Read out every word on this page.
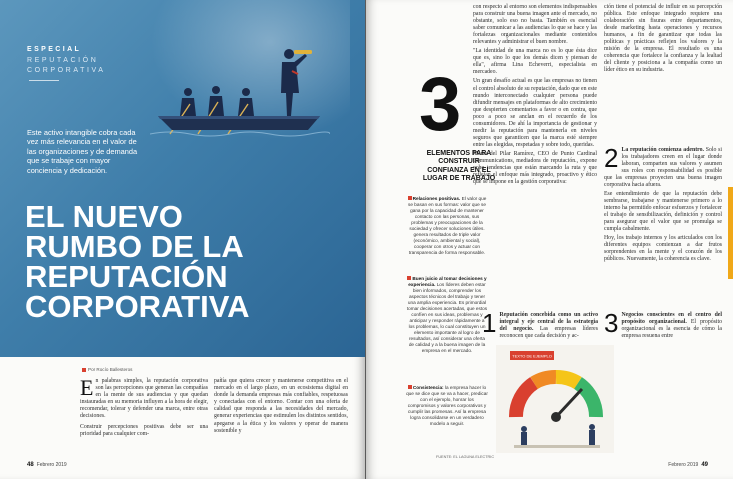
ESPECIAL
REPUTACIÓN CORPORATIVA
Este activo intangible cobra cada vez más relevancia en el valor de las organizaciones y de demanda que se trabaje con mayor conciencia y dedicación.
EL NUEVO
RUMBO DE LA
REPUTACIÓN
CORPORATIVA
Por Rocío Ballesteros

En palabras simples, la reputación corporativa son las percepciones que generan las compañías en la mente de sus audiencias y que quedan instauradas en su memoria influyen a la hora de elegir, recomendar, tolerar y defender una marca, entre otras decisiones.

Construir percepciones positivas debe ser una prioridad para cualquier com-

pañía que quiera crecer y mantenerse competitiva en el mercado en el largo plazo, en un ecosistema digital en donde la demanda empresas más confiables, respetuosas y conectadas con el entorno. Contar con una oferta de calidad que responda a las necesidades del mercado, generar experiencias que estimulen los distintos sentidos, apegarse a la ética y los valores y operar de manera sostenible y

48 Febrero 2019
3
ELEMENTOS PARA CONSTRUIR CONFIANZA EN EL LUGAR DE TRABAJO
Relaciones positivas. El valor que se basan en sus formas: valor que se gana por la capacidad de mantener contacto con las personas, sus problemas y preocupaciones de la sociedad y ofrecer soluciones útiles. genera resultados de triple valor (económico, ambiental y social), cooperar con otros y actuar con transparencia de forma responsable.
Buen juicio al tomar decisiones y experiencia. Los líderes deben estar bien informados, comprender los aspectos técnicos del trabajo y tener una amplia experiencia. Es primordial tomar decisiones acertadas, que estos confíen en sus ideas, problemas y anticipar y responder rápidamente a los problemas, lo cual constituyen un elemento importante al logro de resultados, así considerar una oferta de calidad y a la buena imagen de la empresa en el mercado.
Consistencia: la empresa hacer lo que se dice que se va a hacer, predicar con el ejemplo, honrar los compromisos y valores corporativos y cumplir las promesas. Así la empresa logra consolidarse en un verdadero modelo a seguir.
FUENTE: EL LAGUNA ELECTRIC

con respecto al entorno son elementos indispensables para construir una buena imagen ante el mercado, no obstante, solo eso no basta. También es esencial saber comunicar a las audiencias lo que se hace y las fortalezas organizacionales mediante contenidos relevantes y administrar el buen nombre.

"La identidad de una marca no es lo que ésta dice que es, sino lo que los demás dicen y piensan de ella", afirma Lina Echeverri, especialista en mercadeo.

Un gran desafío actual es que las empresas no tienen el control absoluto de su reputación, dado que en este mundo interconectado cualquier persona puede difundir mensajes en plataformas de alto crecimiento que despierten comentarios a favor o en contra, que poco a poco se anclan en el recuerdo de los consumidores. De ahí la importancia de gestionar y medir la reputación para mantenerla en niveles seguros que garanticen que la marca esté siempre entre las elegidas, respetadas y sobre todo, queridas.

María del Pilar Ramírez, CEO de Punto Cardinal Communications, mediadora de reputación., expone ocho tendencias que están marcando la ruta y que reflejan el enfoque más integrado, proactivo y ético que se impone en la gestión corporativa:

1 Reputación concebida como un activo integral y eje central de la estrategia del negocio. Las empresas líderes reconocen que cada decisión y ac-
TEXTO DE EJEMPLO

ción tiene el potencial de influir en su percepción pública. Este enfoque integrado requiere una colaboración sin fisuras entre departamentos, desde marketing hasta operaciones y recursos humanos, a fin de garantizar que todas las políticas y prácticas reflejen los valores y la misión de la empresa. El resultado es una coherencia que fortalece la confianza y la lealtad del cliente y posiciona a la compañía como un líder ético en su industria.

2 La reputación comienza adentro. Solo si los trabajadores creen en el lugar donde laboran, comparten sus valores y asumen sus roles con responsabilidad es posible que las empresas proyecten una buena imagen corporativa hacia afuera.

Ese entendimiento de que la reputación debe sembrarse, trabajarse y mantenerse primero a lo interno ha permitido enfocar esfuerzos y fortalecer el trabajo de sensibilización, definición y control para asegurar que el valor que se promulga se cumpla cabalmente.

Hoy, los trabajo internos y los articulados con los diferentes equipos comienzan a dar frutos sorprendentes en la mente y el corazón de los públicos. Nuevamente, la coherencia es clave.

3 Negocios conscientes en el centro del propósito organizacional. El propósito organizacional es la esencia de cómo la empresa resuena entre
Febrero 2019 49
